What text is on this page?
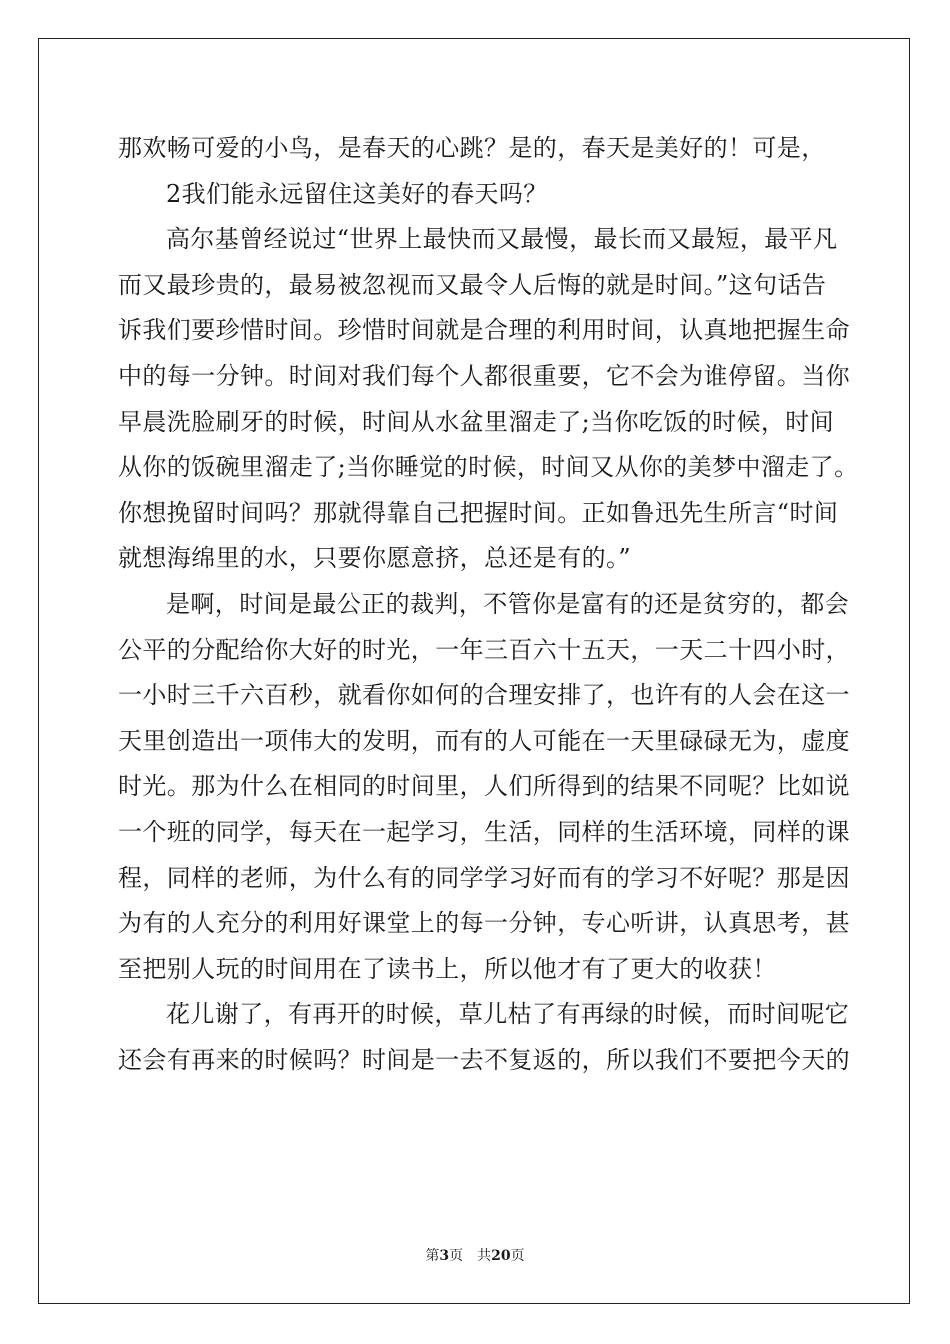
那欢畅可爱的小鸟，是春天的心跳？是的，春天是美好的！可是，
2我们能永远留住这美好的春天吗？
高尔基曾经说过“世界上最快而又最慢，最长而又最短，最平凡
而又最珍贵的，最易被忽视而又最令人后悔的就是时间。”这句话告
诉我们要珍惜时间。珍惜时间就是合理的利用时间，认真地把握生命
中的每一分钟。时间对我们每个人都很重要，它不会为谁停留。当你
早晨洗脸刷牙的时候，时间从水盆里溜走了;当你吃饭的时候，时间
从你的饭碗里溜走了;当你睡觉的时候，时间又从你的美梦中溜走了。
你想挽留时间吗？那就得靠自己把握时间。正如鲁迅先生所言“时间
就想海绵里的水，只要你愿意挤，总还是有的。”
是啊，时间是最公正的裁判，不管你是富有的还是贫穷的，都会
公平的分配给你大好的时光，一年三百六十五天，一天二十四小时，
一小时三千六百秒，就看你如何的合理安排了，也许有的人会在这一
天里创造出一项伟大的发明，而有的人可能在一天里碌碌无为，虚度
时光。那为什么在相同的时间里，人们所得到的结果不同呢？比如说
一个班的同学，每天在一起学习，生活，同样的生活环境，同样的课
程，同样的老师，为什么有的同学学习好而有的学习不好呢？那是因
为有的人充分的利用好课堂上的每一分钟，专心听讲，认真思考，甚
至把别人玩的时间用在了读书上，所以他才有了更大的收获！
花儿谢了，有再开的时候，草儿枯了有再绿的时候，而时间呢它
还会有再来的时候吗？时间是一去不复返的，所以我们不要把今天的
第3页 共20页
